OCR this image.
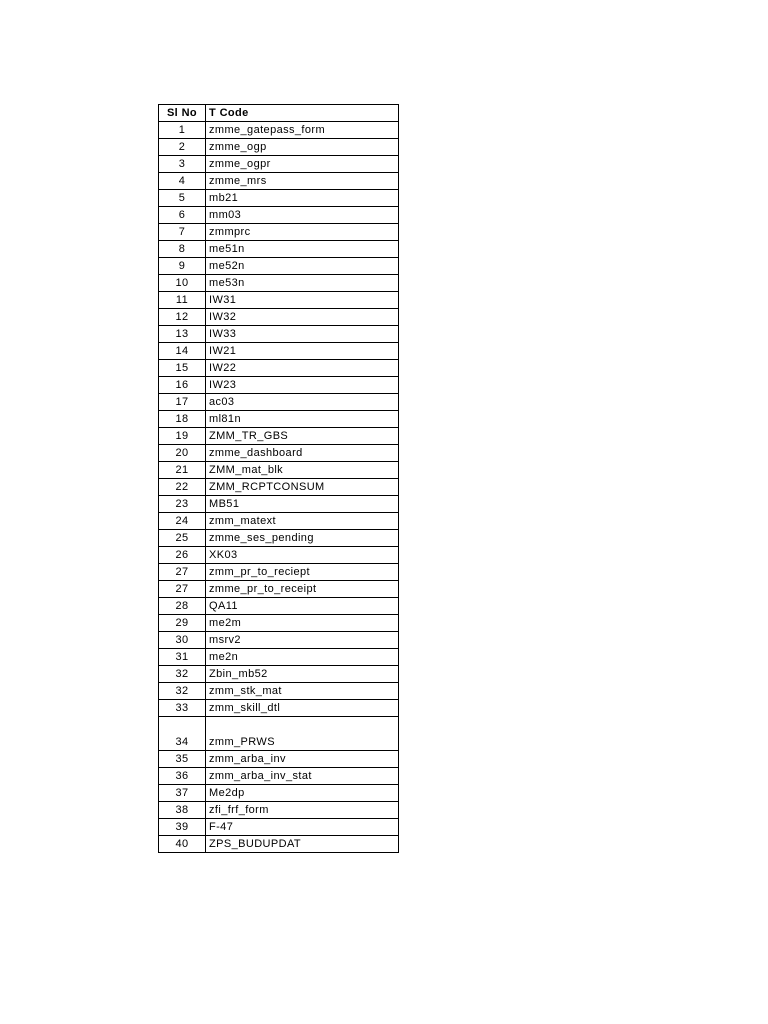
Sl No	T Code
1	zmme_gatepass_form
2	zmme_ogp
3	zmme_ogpr
4	zmme_mrs
5	mb21
6	mm03
7	zmmprc
8	me51n
9	me52n
10	me53n
11	IW31
12	IW32
13	IW33
14	IW21
15	IW22
16	IW23
17	ac03
18	ml81n
19	ZMM_TR_GBS
20	zmme_dashboard
21	ZMM_mat_blk
22	ZMM_RCPTCONSUM
23	MB51
24	zmm_matext
25	zmme_ses_pending
26	XK03
27	zmm_pr_to_reciept
27	zmme_pr_to_receipt
28	QA11
29	me2m
30	msrv2
31	me2n
32	Zbin_mb52
32	zmm_stk_mat
33	zmm_skill_dtl
34	zmm_PRWS
35	zmm_arba_inv
36	zmm_arba_inv_stat
37	Me2dp
38	zfi_frf_form
39	F-47
40	ZPS_BUDUPDAT
